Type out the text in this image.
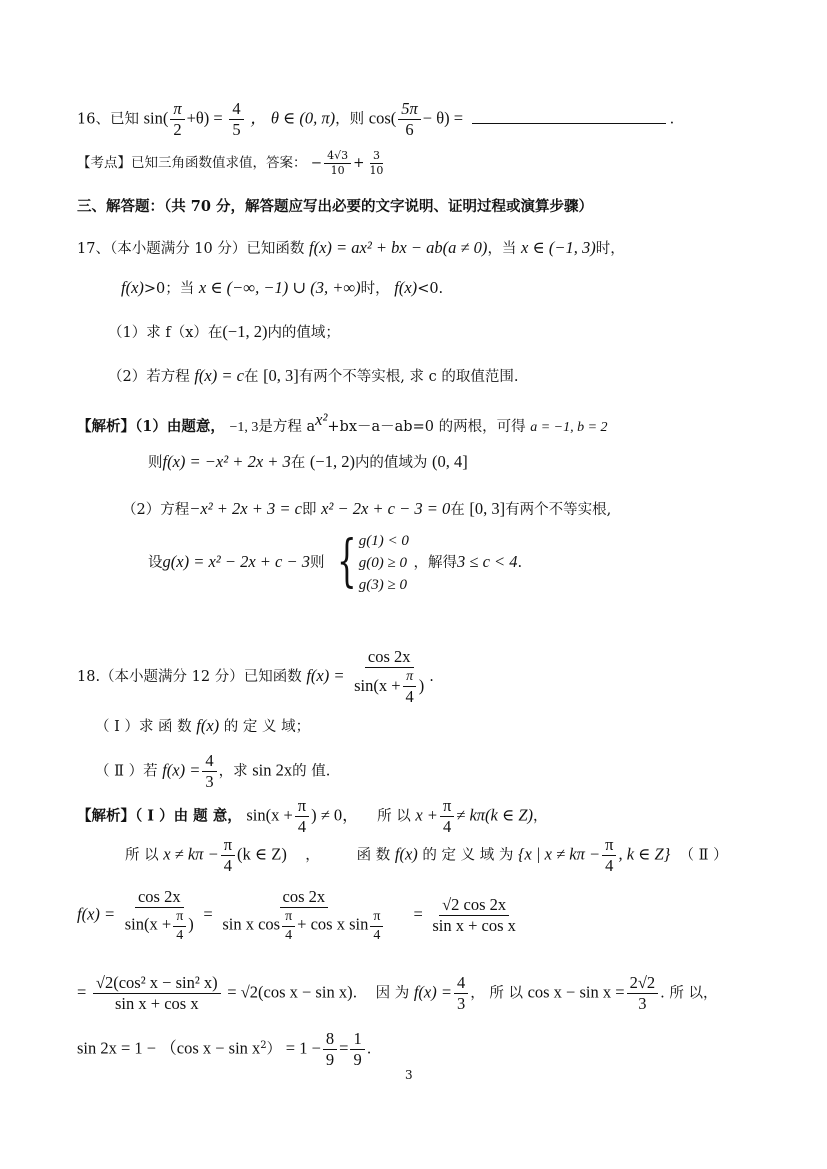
16、已知 $\sin( \frac{\pi}{2} +\theta) = \frac{4}{5}$ ， θ ∈ (0, π)，则 $\cos( \frac{5\pi}{6} - \theta)$ =	.
【考点】已知三角函数值求值，答案： − $\frac{4√3}{10} + \frac{3}{10}$
三、解答题：（共 70 分，解答题应写出必要的文字说明、证明过程或演算步骤）
17、（本小题满分 10 分）已知函数 f(x) = ax² + bx − ab(a ≠ 0)，当 x ∈ (−1, 3)时，
f(x)>0；当 x ∈ (−∞, −1) ∪ (3, +∞)时， f(x)<0.
（1）求 f（x）在(−1, 2)内的值域；
（2）若方程 f(x) = c在 [0, 3]有两个不等实根, 求 c 的取值范围.
【解析】（1）由题意， −1, 3是方程 $a^{x^2}+bx-a-ab=0$ 的两根，可得 a = −1, b = 2
则f(x) = −x² + 2x + 3在 (−1, 2)内的值域为 (0, 4]
（2）方程−x² + 2x + 3 = c即 x² − 2x + c − 3 = 0在 [0, 3]有两个不等实根,
设g(x) = x² − 2x + c − 3则 { g(1) < 0
g(0) ≥ 0
g(3) ≥ 0
，解得3 ≤ c < 4.
18.（本小题满分 12 分）已知函数 $f(x) = \frac{\cos 2x}{\sin(x + \frac{\pi}{4} )}$ .
（ Ⅰ ）求 函 数 f(x) 的 定 义 域；
（ Ⅱ ）若 $f(x) = \frac{4}{3}$ ，求 sin 2x的 值.
【解析】（ Ⅰ ）由 题 意， $\sin(x + \frac{\pi}{4}$ ) ≠ 0， 所 以 $x + \frac{\pi}{4} \ne k\pi(k$ ∈ Z)，
所 以 $x \ne k\pi - \frac{\pi}{4} (k$ ∈ Z) ，	函 数 f(x) 的 定 义 域 为 {x | $x \ne k\pi - \frac{\pi}{4}$ , k ∈ Z} （ Ⅱ ）
$f(x) = \frac{\cos 2x}{\sin(x + \frac{\pi}{4} )} = \frac{\cos 2x}{\sin x \cos \frac{\pi}{4} + \cos x \sin \frac{\pi}{4}} = \frac{√2 \cos 2x}{\text{sin x + cos x}}$
= $\frac{\text{√2(cos² x − sin² x)}}{\text{sin x + cos x}} = √2(\cos$ x − sin x). 因 为 $f(x) = \frac{4}{3}$ ， 所 以 $\cos x - \sin x = \frac{2√2}{3}$ . 所 以，
sin 2x = 1 − （cos $x - \sin x^2) = 1 - \frac{8}{9} = \frac{1}{9}$ .
3
